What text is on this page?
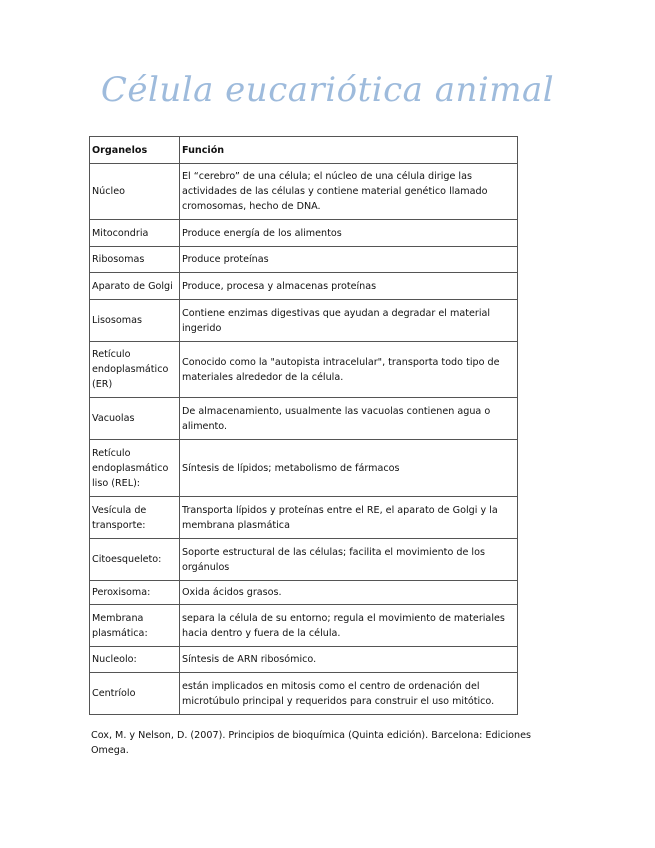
Célula eucariótica animal
Organelos	Función
Núcleo	El “cerebro” de una célula; el núcleo de una célula dirige las actividades de las células y contiene material genético llamado cromosomas, hecho de DNA.
Mitocondria	Produce energía de los alimentos
Ribosomas	Produce proteínas
Aparato de Golgi	Produce, procesa y almacenas proteínas
Lisosomas	Contiene enzimas digestivas que ayudan a degradar el material ingerido
Retículo endoplasmático (ER)	Conocido como la "autopista intracelular", transporta todo tipo de materiales alrededor de la célula.
Vacuolas	De almacenamiento, usualmente las vacuolas contienen agua o alimento.
Retículo endoplasmático liso (REL):	Síntesis de lípidos; metabolismo de fármacos
Vesícula de transporte:	Transporta lípidos y proteínas entre el RE, el aparato de Golgi y la membrana plasmática
Citoesqueleto:	Soporte estructural de las células; facilita el movimiento de los orgánulos
Peroxisoma:	Oxida ácidos grasos.
Membrana plasmática:	separa la célula de su entorno; regula el movimiento de materiales hacia dentro y fuera de la célula.
Nucleolo:	Síntesis de ARN ribosómico.
Centríolo	están implicados en mitosis como el centro de ordenación del microtúbulo principal y requeridos para construir el uso mitótico.

Cox, M. y Nelson, D. (2007). Principios de bioquímica (Quinta edición). Barcelona: Ediciones Omega.
